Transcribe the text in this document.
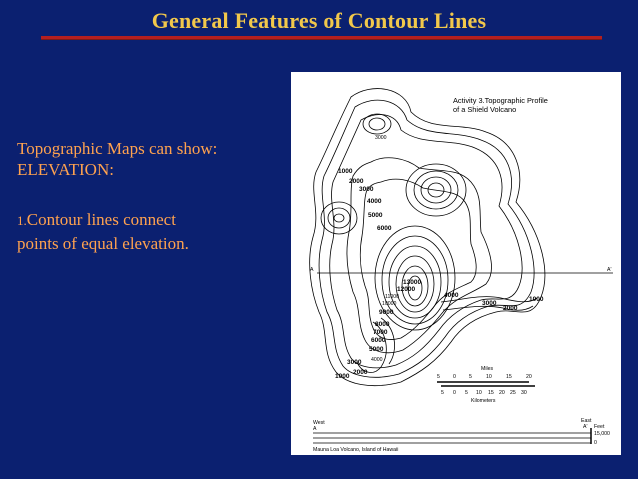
General Features of Contour Lines
Topographic Maps can show:
ELEVATION:
1.Contour lines connect
points of equal elevation.
Activity 3.Topographic Profile
of a Shield Volcano
3000
1000
2000
3000
4000
5000
6000
13000
12000
11000
10000
9000
8000
7000
6000
5000
4000
3000
2000
1000
4000
3000
2000
1000
A	A'
Miles
5	0	5	10	15	20
5 0 5 10 15 20 25 30
Kilometers
West
A
East
A' Feet
15,000
0
Mauna Loa Volcano, Island of Hawaii
